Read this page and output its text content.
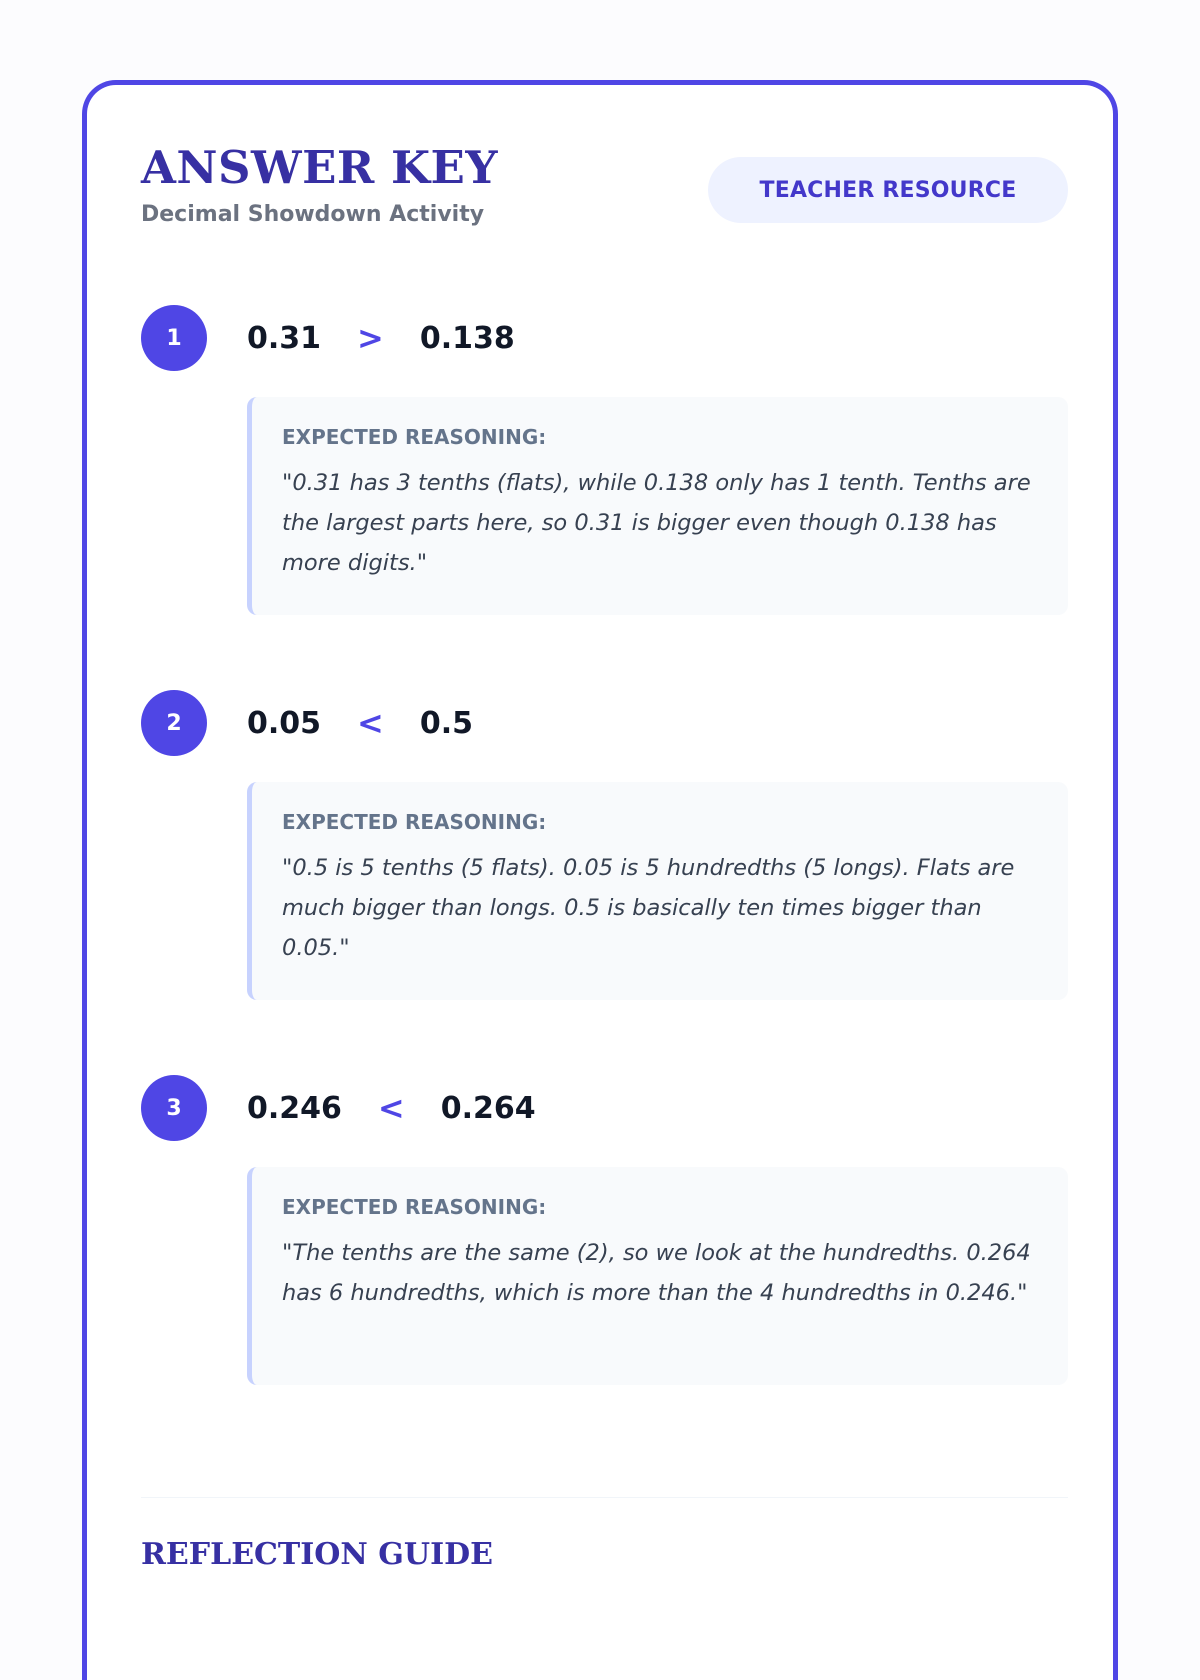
ANSWER KEY
Decimal Showdown Activity
TEACHER RESOURCE
1	0.31 > 0.138
EXPECTED REASONING:
"0.31 has 3 tenths (flats), while 0.138 only has 1 tenth. Tenths are the largest parts here, so 0.31 is bigger even though 0.138 has more digits."
2	0.05 < 0.5
EXPECTED REASONING:
"0.5 is 5 tenths (5 flats). 0.05 is 5 hundredths (5 longs). Flats are much bigger than longs. 0.5 is basically ten times bigger than 0.05."
3	0.246 < 0.264
EXPECTED REASONING:
"The tenths are the same (2), so we look at the hundredths. 0.264 has 6 hundredths, which is more than the 4 hundredths in 0.246."
REFLECTION GUIDE
